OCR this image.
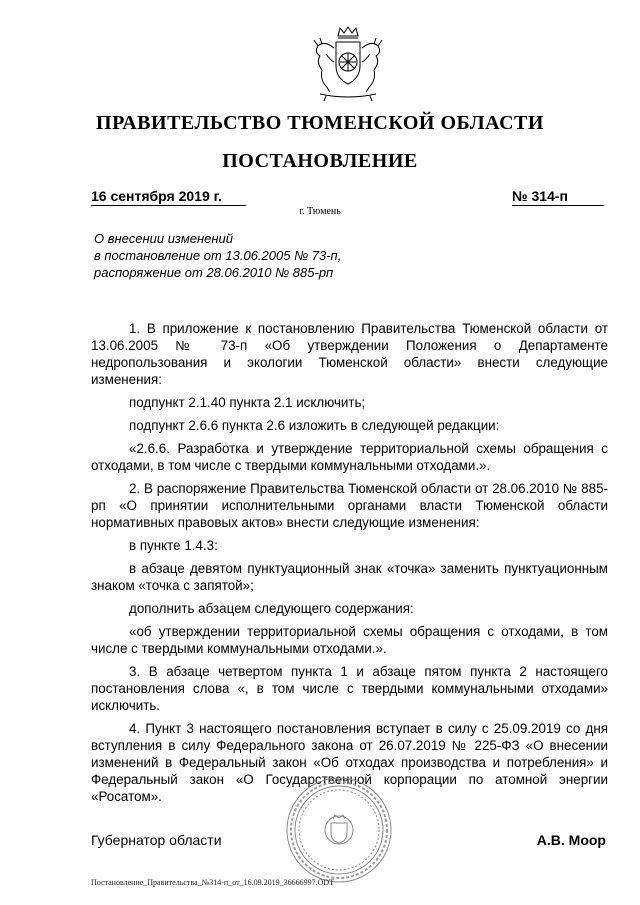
ПРАВИТЕЛЬСТВО ТЮМЕНСКОЙ ОБЛАСТИ
ПОСТАНОВЛЕНИЕ
16 сентября 2019 г.	№ 314-п
г. Тюмень
О внесении изменений
в постановление от 13.06.2005 № 73-п,
распоряжение от 28.06.2010 № 885-рп

1. В приложение к постановлению Правительства Тюменской области от 13.06.2005 № 73-п «Об утверждении Положения о Департаменте недропользования и экологии Тюменской области» внести следующие изменения:

подпункт 2.1.40 пункта 2.1 исключить;

подпункт 2.6.6 пункта 2.6 изложить в следующей редакции:

«2.6.6. Разработка и утверждение территориальной схемы обращения с отходами, в том числе с твердыми коммунальными отходами.».

2. В распоряжение Правительства Тюменской области от 28.06.2010 № 885-рп «О принятии исполнительными органами власти Тюменской области нормативных правовых актов» внести следующие изменения:

в пункте 1.4.3:

в абзаце девятом пунктуационный знак «точка» заменить пунктуационным знаком «точка с запятой»;

дополнить абзацем следующего содержания:

«об утверждении территориальной схемы обращения с отходами, в том числе с твердыми коммунальными отходами.».

3. В абзаце четвертом пункта 1 и абзаце пятом пункта 2 настоящего постановления слова «, в том числе с твердыми коммунальными отходами» исключить.

4. Пункт 3 настоящего постановления вступает в силу с 25.09.2019 со дня вступления в силу Федерального закона от 26.07.2019 № 225-ФЗ «О внесении изменений в Федеральный закон «Об отходах производства и потребления» и Федеральный закон «О Государственной корпорации по атомной энергии «Росатом».

Губернатор области	А.В. Моор
Постановление_Правительства_№314-п_от_16.09.2019_36666997.ODT
